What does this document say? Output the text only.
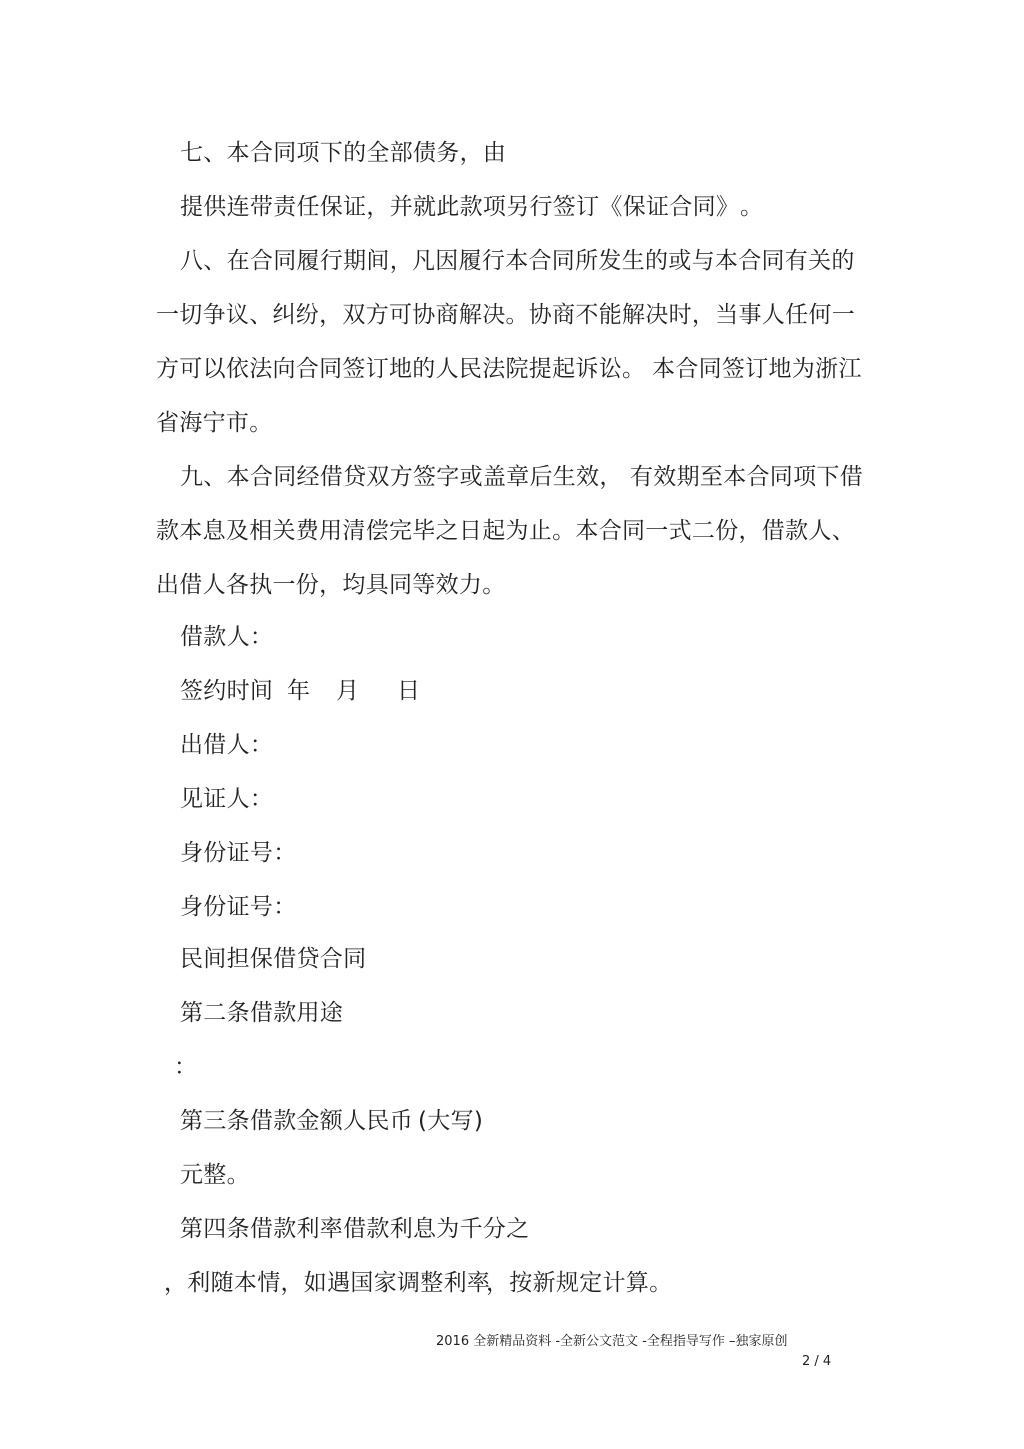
七、本合同项下的全部债务，由
提供连带责任保证，并就此款项另行签订《保证合同》 。
八、在合同履行期间， 凡因履行本合同所发生的或与本合同有关的
一切争议、纠纷，双方可协商解决。协商不能解决时，当事人任何一
方可以依法向合同签订地的人民法院提起诉讼。 本合同签订地为浙江
省海宁市。
九、本合同经借贷双方签字或盖章后生效， 有效期至本合同项下借
款本息及相关费用清偿完毕之日起为止。本合同一式二份，借款人、
出借人各执一份，均具同等效力。
借款人：
签约时间 年 月 日
出借人：
见证人：
身份证号：
身份证号：
民间担保借贷合同
第二条借款用途
：
第三条借款金额人民币 (大写)
元整。
第四条借款利率借款利息为千分之
，利随本情，如遇国家调整利率
，按新规定计算。
2016 全新精品资料 -全新公文范文 -全程指导写作 –独家原创
2 / 4
